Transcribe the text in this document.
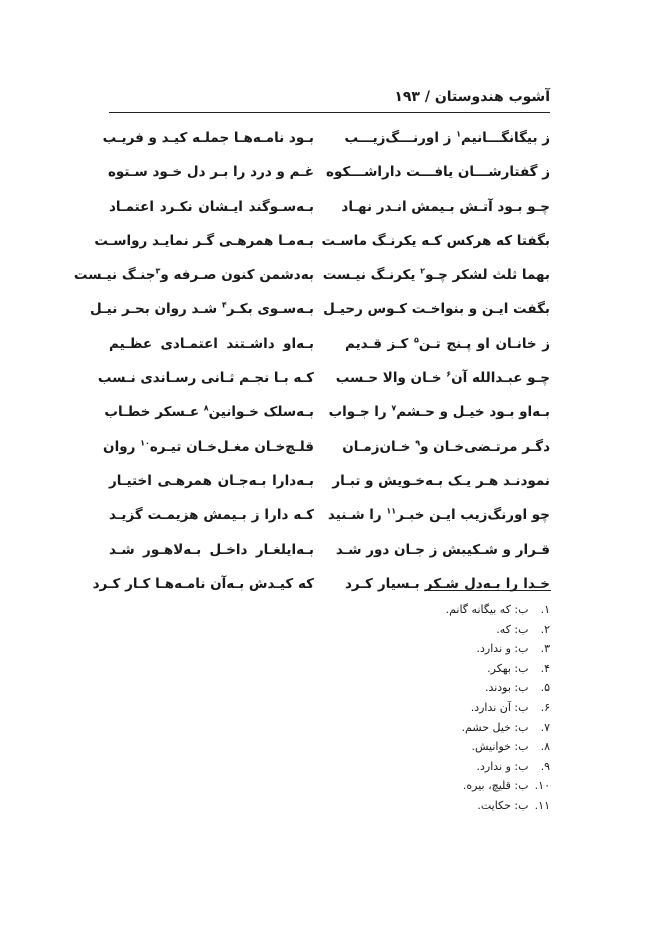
آشوب هندوستان / ۱۹۳
ز بیگانگـــانیم$^۱$ ز اورنـــگ‌زیـــب
بـود نامـه‌هـا جملـه کیـد و فریـب
ز گفتارشـــان یافـــت داراشـــکوه
غـم و درد را بـر دل خـود سـتوه
چـو بـود آتـش بـیمش انـدر نهـاد
بـه‌سـوگند ایـشان نکـرد اعتمـاد
بگفتا که هرکس کـه یکرنـگ ماسـت
بـه‌مـا همرهـی گـر نمایـد رواسـت
بهما ثلث لشکر چـو$^۲$ یکرنـگ نیـست
به‌دشمن کنون صـرفه و$^۳$جنـگ نیـست
بگفت ایـن و بنواخـت کـوس رحیـل
بـه‌سـوی بکـر$^۴$ شـد روان بحـر نیـل
ز خانـان او پـنج تـن$^۵$ کـز قـدیم
بـه‌او داشـتند اعتمـادی عظـیم
چـو عبـدالله آن$^۶$ خـان والا حـسب
کـه بـا نجـم ثـانی رسـاندی نـسب
بـه‌او بـود خیـل و حـشم$^۷$ را جـواب
بـه‌سلک خـوانین$^۸$ عـسکر خطـاب
دگـر مرتـضی‌خـان و$^۹$ خـان‌زمـان
قلـچ‌خـان مغـل‌خـان تیـره$^{۱۰}$ روان
نمودنـد هـر یـک بـه‌خـویش و تبـار
بـه‌دارا بـه‌جـان همرهـی اختیـار
چو اورنگ‌زیب ایـن خبـر$^{۱۱}$ را شـنید
کـه دارا ز بـیمش هزیمـت گزیـد
قـرار و شـکیبش ز جـان دور شـد
بـه‌ایلغـار داخـل بـه‌لاهـور شـد
خـدا را بـه‌دل شـکر بـسیار کـرد
که کیـدش بـه‌آن نامـه‌هـا کـار کـرد
۱. ب: که بیگانه گانم.
۲. ب: که.
۳. ب: و ندارد.
۴. ب: بهکر.
۵. ب: بودند.
۶. ب: آن ندارد.
۷. ب: خیل حشم.
۸. ب: خوانیش.
۹. ب: و ندارد.
۱۰. ب: قلیچ، بیره.
۱۱. ب: حکایت.
